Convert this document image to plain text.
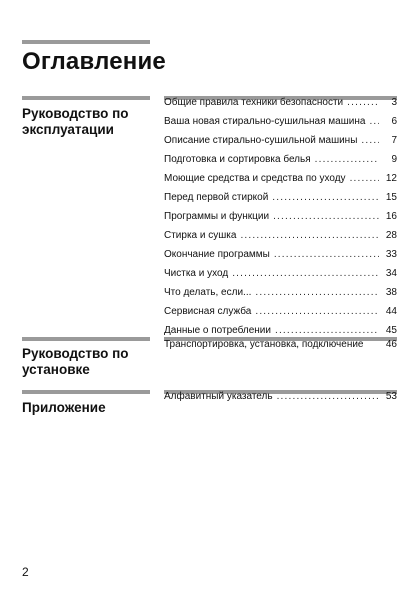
Оглавление
Руководство по
эксплуатации
Общие правила техники безопасности .....	3
Ваша новая стирально-сушильная машина .....	6
Описание стирально-сушильной машины .....	7
Подготовка и сортировка белья .....	9
Моющие средства и средства по уходу .....	12
Перед первой стиркой .....	15
Программы и функции .....	16
Стирка и сушка .....	28
Окончание программы .....	33
Чистка и уход .....	34
Что делать, если... .....	38
Сервисная служба .....	44
Данные о потреблении .....	45
Руководство по
установке
Транспортировка, установка, подключение	46
Приложение
Алфавитный указатель .....	53
2
